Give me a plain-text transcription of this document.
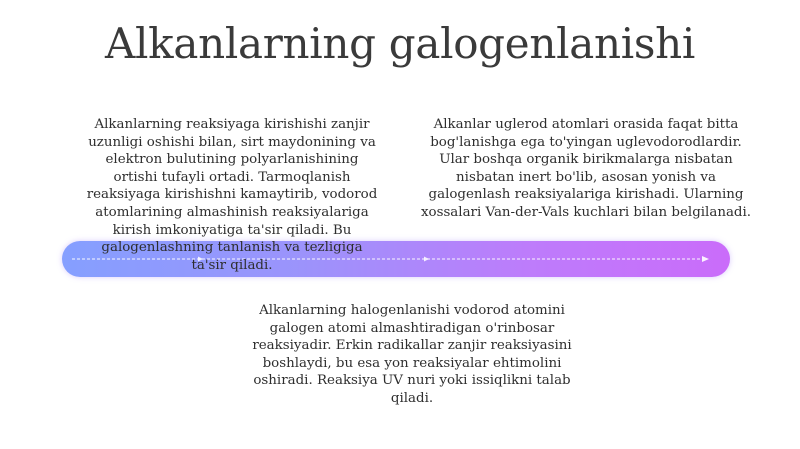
Alkanlarning galogenlanishi
Alkanlarning reaksiyaga kirishishi zanjir uzunligi oshishi bilan, sirt maydonining va elektron bulutining polyarlanishining ortishi tufayli ortadi. Tarmoqlanish reaksiyaga kirishishni kamaytirib, vodorod atomlarining almashinish reaksiyalariga kirish imkoniyatiga ta'sir qiladi. Bu galogenlashning tanlanish va tezligiga ta'sir qiladi.
Alkanlar uglerod atomlari orasida faqat bitta bog'lanishga ega to'yingan uglevodorodlardir. Ular boshqa organik birikmalarga nisbatan nisbatan inert bo'lib, asosan yonish va galogenlash reaksiyalariga kirishadi. Ularning xossalari Van-der-Vals kuchlari bilan belgilanadi.
Alkanlarning halogenlanishi vodorod atomini galogen atomi almashtiradigan o'rinbosar reaksiyadir. Erkin radikallar zanjir reaksiyasini boshlaydi, bu esa yon reaksiyalar ehtimolini oshiradi. Reaksiya UV nuri yoki issiqlikni talab qiladi.
